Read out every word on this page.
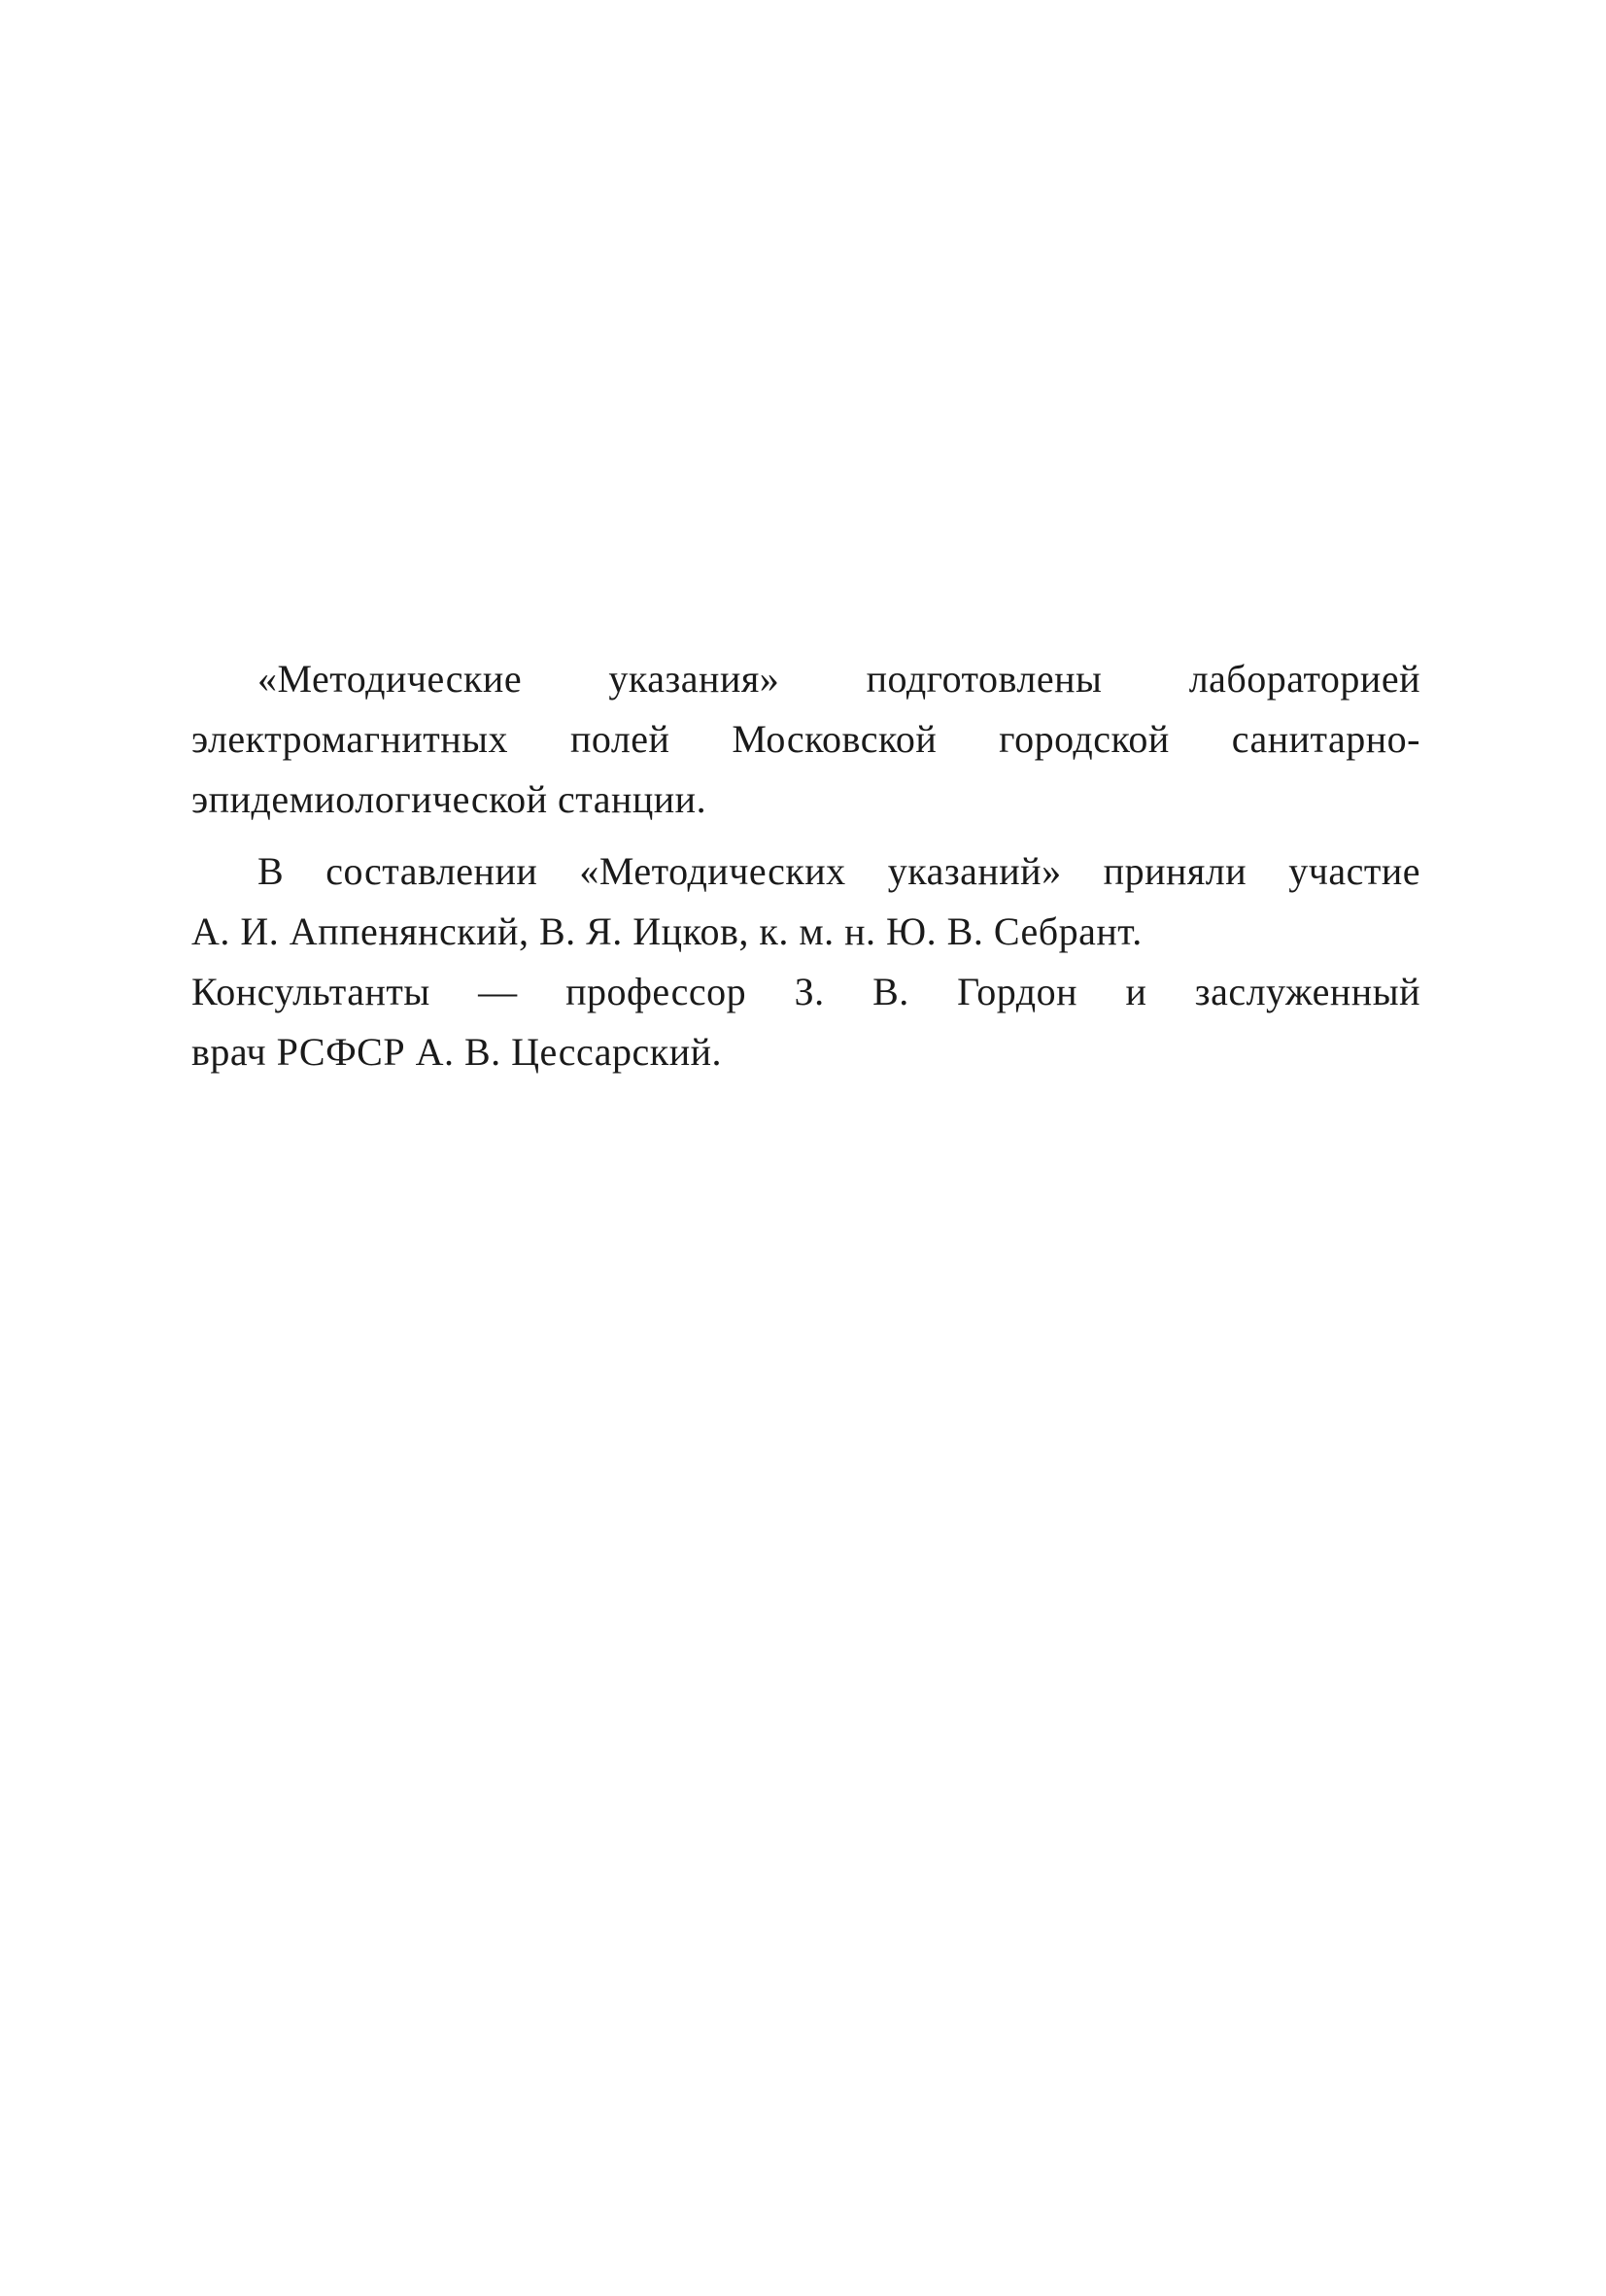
«Методические указания» подготовлены лабораторией
электромагнитных полей Московской городской санитарно-
эпидемиологической станции.

В составлении «Методических указаний» приняли участие
А. И. Аппенянский, В. Я. Ицков, к. м. н. Ю. В. Себрант.
Консультанты — профессор З. В. Гордон и заслуженный
врач РСФСР А. В. Цессарский.
